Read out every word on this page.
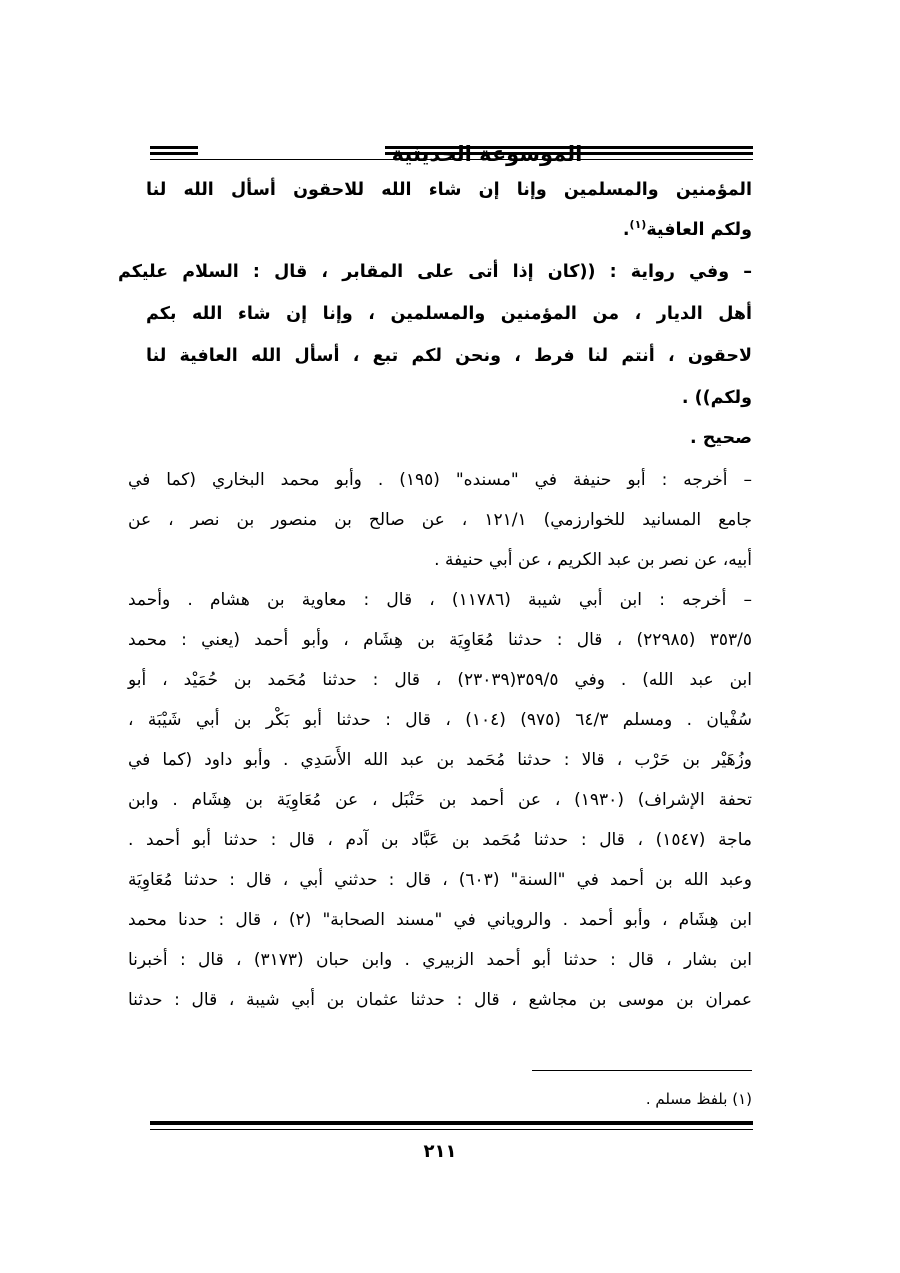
الموسوعة الحديثية
المؤمنين والمسلمين وإنا إن شاء الله للاحقون أسأل الله لنا
ولكم العافية$^{(١)}$.
– وفي رواية : ((كان إذا أتى على المقابر ، قال : السلام عليكم
أهل الديار ، من المؤمنين والمسلمين ، وإنا إن شاء الله بكم
لاحقون ، أنتم لنا فرط ، ونحن لكم تبع ، أسأل الله العافية لنا
ولكم)) .
صحيح .
– أخرجه : أبو حنيفة في "مسنده" (١٩٥) . وأبو محمد البخاري (كما في
جامع المسانيد للخوارزمي) ١٢١/١ ، عن صالح بن منصور بن نصر ، عن
أبيه، عن نصر بن عبد الكريم ، عن أبي حنيفة .
– أخرجه : ابن أبي شيبة (١١٧٨٦) ، قال : معاوية بن هشام . وأحمد
٣٥٣/٥ (٢٢٩٨٥) ، قال : حدثنا مُعَاوِيَة بن هِشَام ، وأبو أحمد (يعني : محمد
ابن عبد الله) . وفي ٣٥٩/٥(٢٣٠٣٩) ، قال : حدثنا مُحَمد بن حُمَيْد ، أبو
سُفْيان . ومسلم ٦٤/٣ (٩٧٥) (١٠٤) ، قال : حدثنا أبو بَكْر بن أبي شَيْبَة ،
وزُهَيْر بن حَرْب ، قالا : حدثنا مُحَمد بن عبد الله الأَسَدِي . وأبو داود (كما في
تحفة الإشراف) (١٩٣٠) ، عن أحمد بن حَنْبَل ، عن مُعَاوِيَة بن هِشَام . وابن
ماجة (١٥٤٧) ، قال : حدثنا مُحَمد بن عَبَّاد بن آدم ، قال : حدثنا أبو أحمد .
وعبد الله بن أحمد في "السنة" (٦٠٣) ، قال : حدثني أبي ، قال : حدثنا مُعَاوِيَة
ابن هِشَام ، وأبو أحمد . والروياني في "مسند الصحابة" (٢) ، قال : حدنا محمد
ابن بشار ، قال : حدثنا أبو أحمد الزبيري . وابن حبان (٣١٧٣) ، قال : أخبرنا
عمران بن موسى بن مجاشع ، قال : حدثنا عثمان بن أبي شيبة ، قال : حدثنا
(١) بلفظ مسلم .
٢١١
